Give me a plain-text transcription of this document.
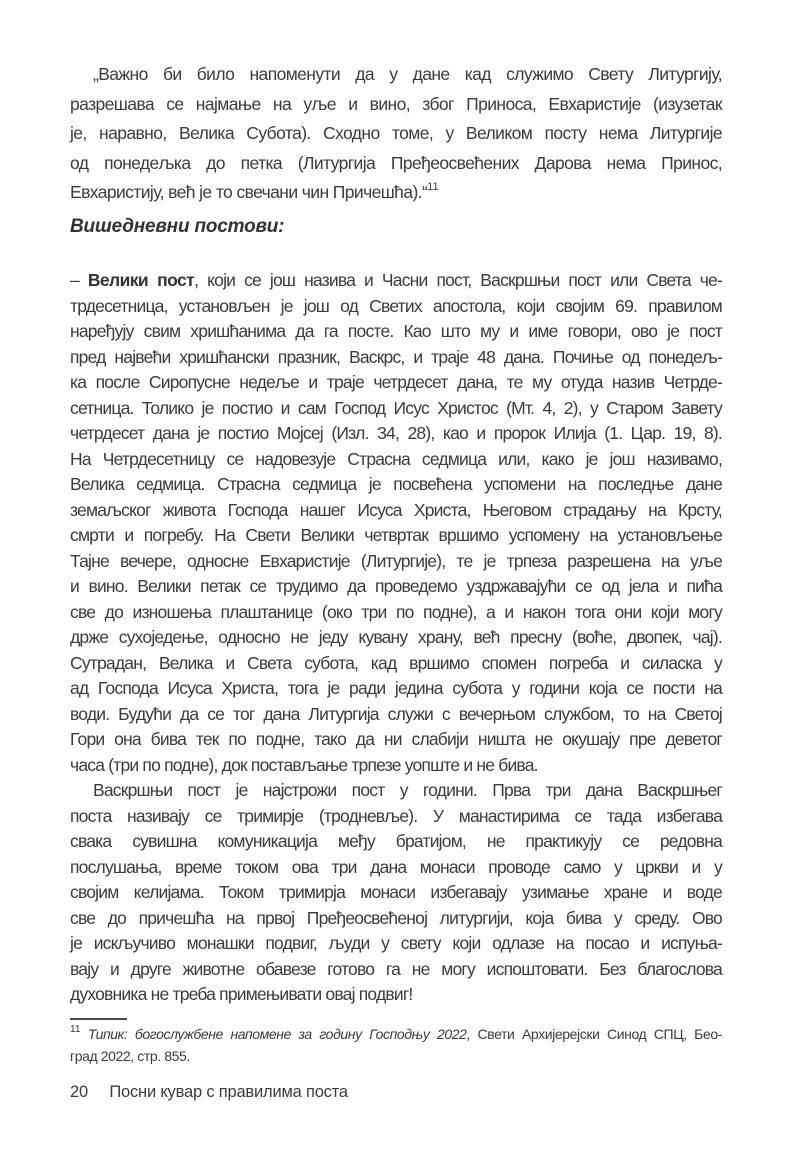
„Важно би било напоменути да у дане кад служимо Свету Литургију,
разрешава се најмање на уље и вино, због Приноса, Евхаристије (изузетак
је, наравно, Велика Субота). Сходно томе, у Великом посту нема Литургије
од понедељка до петка (Литургија Пређеосвећених Дарова нема Принос,
Евхаристију, већ је то свечани чин Причешћа).“$^{11}$
Вишедневни постови:
– Велики пост, који се још назива и Часни пост, Васкршњи пост или Света че-
трдесетница, установљен је још од Светих апостола, који својим 69. правилом
наређују свим хришћанима да га посте. Као што му и име говори, ово је пост
пред највећи хришћански празник, Васкрс, и траје 48 дана. Почиње од понедељ-
ка после Сиропусне недеље и траје четрдесет дана, те му отуда назив Четрде-
сетница. Толико је постио и сам Господ Исус Христос (Мт. 4, 2), у Старом Завету
четрдесет дана је постио Мојсеј (Изл. 34, 28), као и пророк Илија (1. Цар. 19, 8).
На Четрдесетницу се надовезује Страсна седмица или, како је још називамо,
Велика седмица. Страсна седмица је посвећена успомени на последње дане
земаљског живота Господа нашег Исуса Христа, Његовом страдању на Крсту,
смрти и погребу. На Свети Велики четвртак вршимо успомену на установљење
Тајне вечере, односне Евхаристије (Литургије), те је трпеза разрешена на уље
и вино. Велики петак се трудимо да проведемо уздржавајући се од јела и пића
све до изношења плаштанице (око три по подне), а и након тога они који могу
држе сухоједење, односно не једу кувану храну, већ пресну (воће, двопек, чај).
Сутрадан, Велика и Света субота, кад вршимо спомен погреба и силаска у
ад Господа Исуса Христа, тога је ради једина субота у години која се пости на
води. Будући да се тог дана Литургија служи с вечерњом службом, то на Светој
Гори она бива тек по подне, тако да ни слабији ништа не окушају пре деветог
часа (три по подне), док постављање трпезе уопште и не бива.
Васкршњи пост је најстрожи пост у години. Прва три дана Васкршњег
поста називају се тримирје (тродневље). У манастирима се тада избегава
свака сувишна комуникација међу братијом, не практикују се редовна
послушања, време током ова три дана монаси проводе само у цркви и у
својим келијама. Током тримирја монаси избегавају узимање хране и воде
све до причешћа на првој Пређеосвећеној литургији, која бива у среду. Ово
је искључиво монашки подвиг, људи у свету који одлазе на посао и испуња-
вају и друге животне обавезе готово га не могу испоштовати. Без благослова
духовника не треба примењивати овај подвиг!
$^{11}$ Типик: богослужбене напомене за годину Господњу 2022, Свети Архијерејски Синод СПЦ, Бео-
град 2022, стр. 855.
20 Посни кувар с правилима поста
